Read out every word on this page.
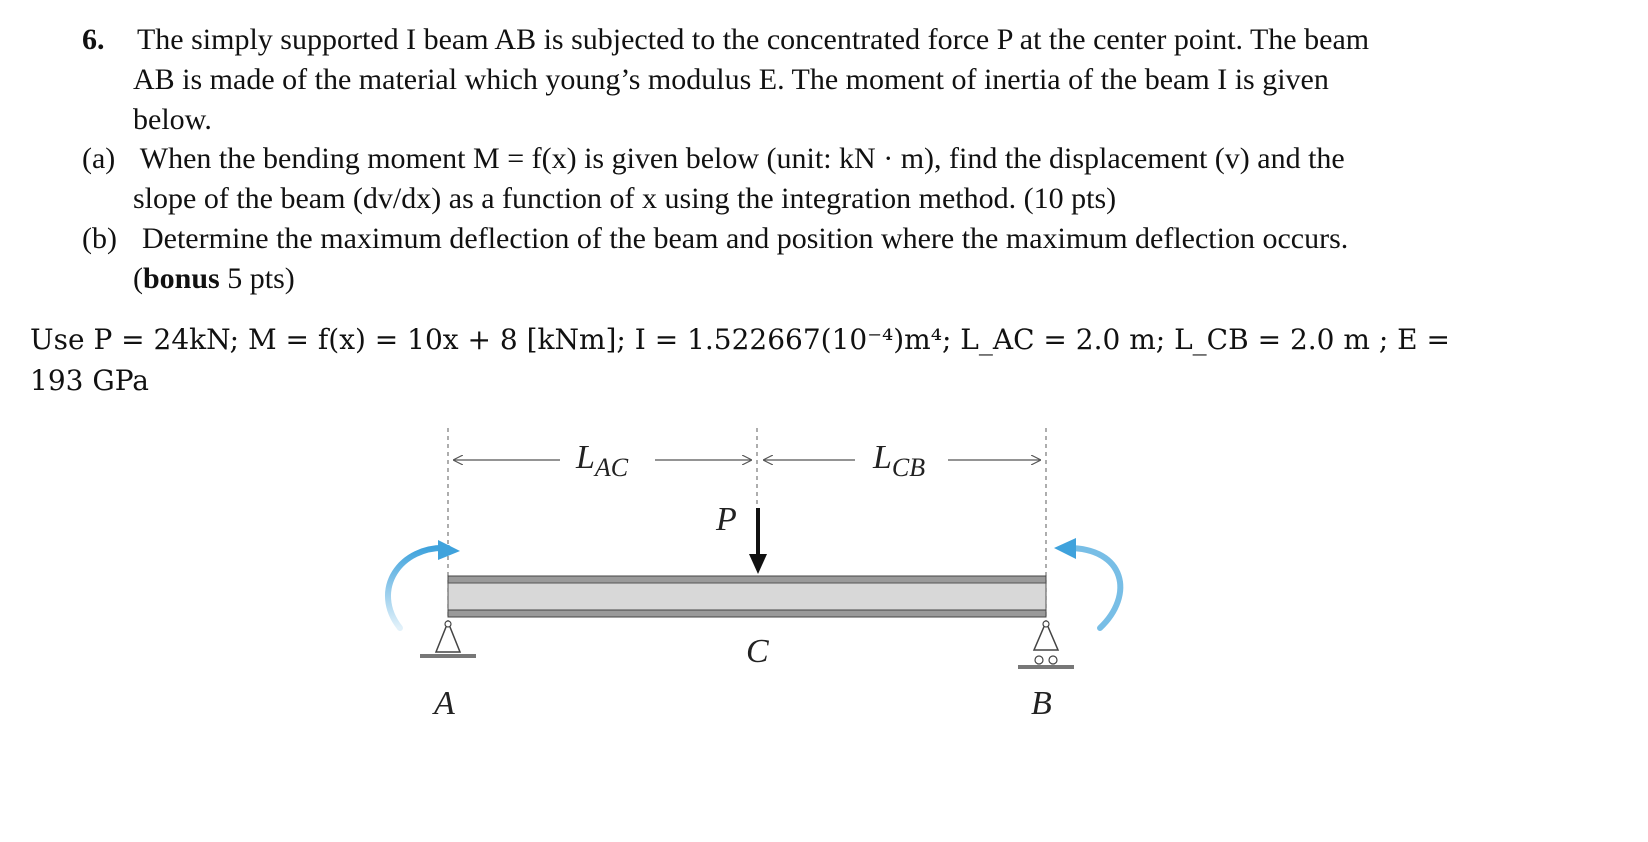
6. The simply supported I beam AB is subjected to the concentrated force P at the center point. The beam
AB is made of the material which young’s modulus E. The moment of inertia of the beam I is given
below.
(a) When the bending moment M = f(x) is given below (unit: kN · m), find the displacement (v) and the
slope of the beam (dv/dx) as a function of x using the integration method. (10 pts)
(b) Determine the maximum deflection of the beam and position where the maximum deflection occurs.
(bonus 5 pts)
Use P = 24kN; M = f(x) = 10x + 8 [kNm]; I = 1.522667(10⁻⁴)m⁴; L_AC = 2.0 m; L_CB = 2.0 m ; E =
193 GPa
$L_{AC}$	$L_{CB}$
P
C
A	B
